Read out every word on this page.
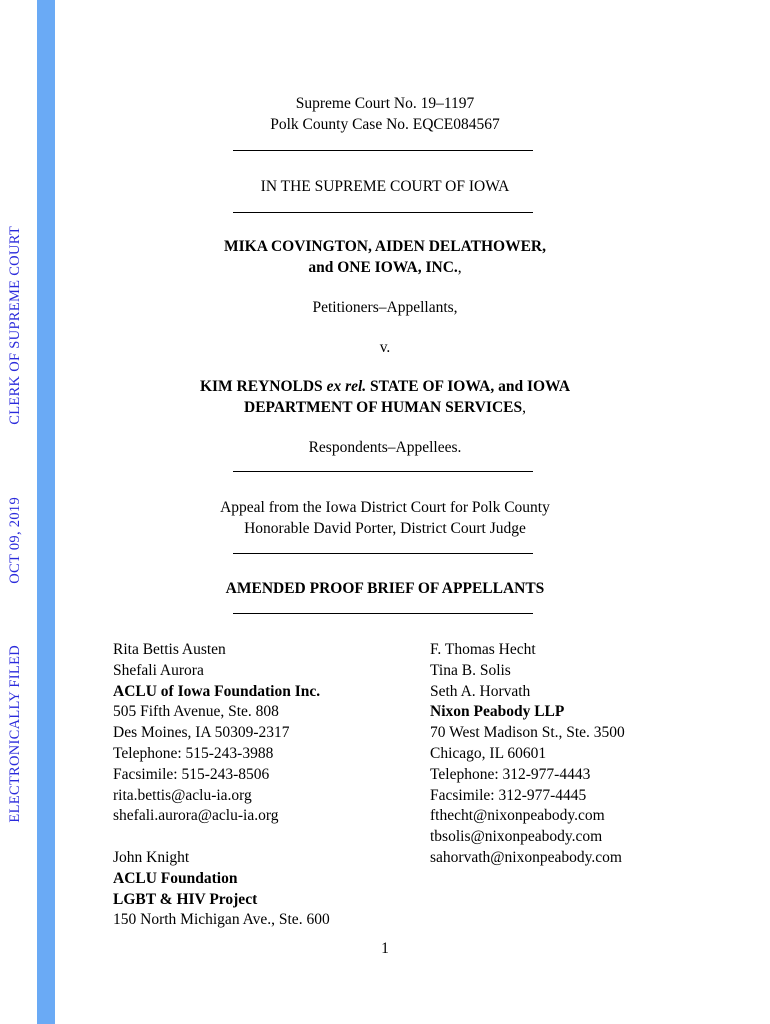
ELECTRONICALLY FILED
OCT 09, 2019
CLERK OF SUPREME COURT
Supreme Court No. 19–1197
Polk County Case No. EQCE084567
IN THE SUPREME COURT OF IOWA
MIKA COVINGTON, AIDEN DELATHOWER,
and ONE IOWA, INC.,
Petitioners–Appellants,
v.
KIM REYNOLDS ex rel. STATE OF IOWA, and IOWA
DEPARTMENT OF HUMAN SERVICES,
Respondents–Appellees.
Appeal from the Iowa District Court for Polk County
Honorable David Porter, District Court Judge
AMENDED PROOF BRIEF OF APPELLANTS
Rita Bettis Austen
Shefali Aurora
ACLU of Iowa Foundation Inc.
505 Fifth Avenue, Ste. 808
Des Moines, IA 50309-2317
Telephone: 515-243-3988
Facsimile: 515-243-8506
rita.bettis@aclu-ia.org
shefali.aurora@aclu-ia.org
John Knight
ACLU Foundation
LGBT & HIV Project
150 North Michigan Ave., Ste. 600
F. Thomas Hecht
Tina B. Solis
Seth A. Horvath
Nixon Peabody LLP
70 West Madison St., Ste. 3500
Chicago, IL 60601
Telephone: 312-977-4443
Facsimile: 312-977-4445
fthecht@nixonpeabody.com
tbsolis@nixonpeabody.com
sahorvath@nixonpeabody.com
1
